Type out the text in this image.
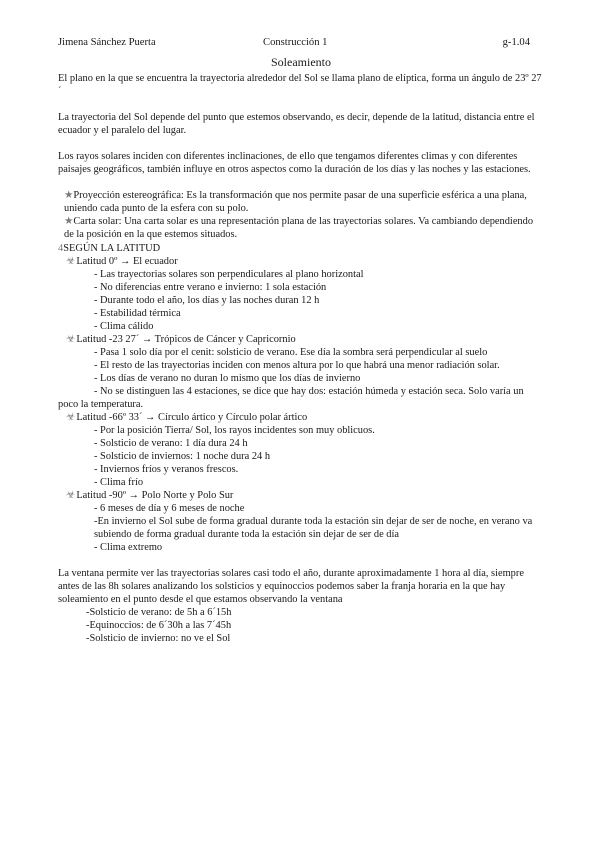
Jimena Sánchez Puerta	Construcción 1	g-1.04
Soleamiento

El plano en la que se encuentra la trayectoria alrededor del Sol se llama plano de elíptica, forma un ángulo de 23º 27´

La trayectoria del Sol depende del punto que estemos observando, es decir, depende de la latitud, distancia entre el ecuador y el paralelo del lugar.

Los rayos solares inciden con diferentes inclinaciones, de ello que tengamos diferentes climas y con diferentes paisajes geográficos, también influye en otros aspectos como la duración de los días y las noches y las estaciones.

★Proyección estereográfica: Es la transformación que nos permite pasar de una superficie esférica a una plana, uniendo cada punto de la esfera con su polo.

★Carta solar: Una carta solar es una representación plana de las trayectorias solares. Va cambiando dependiendo de la posición en la que estemos situados.

4SEGÚN LA LATITUD

☣Latitud 0º → El ecuador

- Las trayectorias solares son perpendiculares al plano horizontal

- No diferencias entre verano e invierno: 1 sola estación

- Durante todo el año, los días y las noches duran 12 h

- Estabilidad térmica

- Clima cálido

☣Latitud -23 27´ → Trópicos de Cáncer y Capricornio

- Pasa 1 solo día por el cenit: solsticio de verano. Ese día la sombra será perpendicular al suelo

- El resto de las trayectorias inciden con menos altura por lo que habrá una menor radiación solar.

- Los días de verano no duran lo mismo que los días de invierno

- No se distinguen las 4 estaciones, se dice que hay dos: estación húmeda y estación seca. Solo varía un poco la temperatura.

☣Latitud -66º 33´ → Círculo ártico y Círculo polar ártico

- Por la posición Tierra/ Sol, los rayos incidentes son muy oblicuos.

- Solsticio de verano: 1 día dura 24 h

- Solsticio de inviernos: 1 noche dura 24 h

- Inviernos fríos y veranos frescos.

- Clima frío

☣Latitud -90º → Polo Norte y Polo Sur

- 6 meses de día y 6 meses de noche

-En invierno el Sol sube de forma gradual durante toda la estación sin dejar de ser de noche, en verano va subiendo de forma gradual durante toda la estación sin dejar de ser de día

- Clima extremo

La ventana permite ver las trayectorias solares casi todo el año, durante aproximadamente 1 hora al día, siempre antes de las 8h solares analizando los solsticios y equinoccios podemos saber la franja horaria en la que hay soleamiento en el punto desde el que estamos observando la ventana

-Solsticio de verano: de 5h a 6´15h

-Equinoccios: de 6´30h a las 7´45h

-Solsticio de invierno: no ve el Sol
